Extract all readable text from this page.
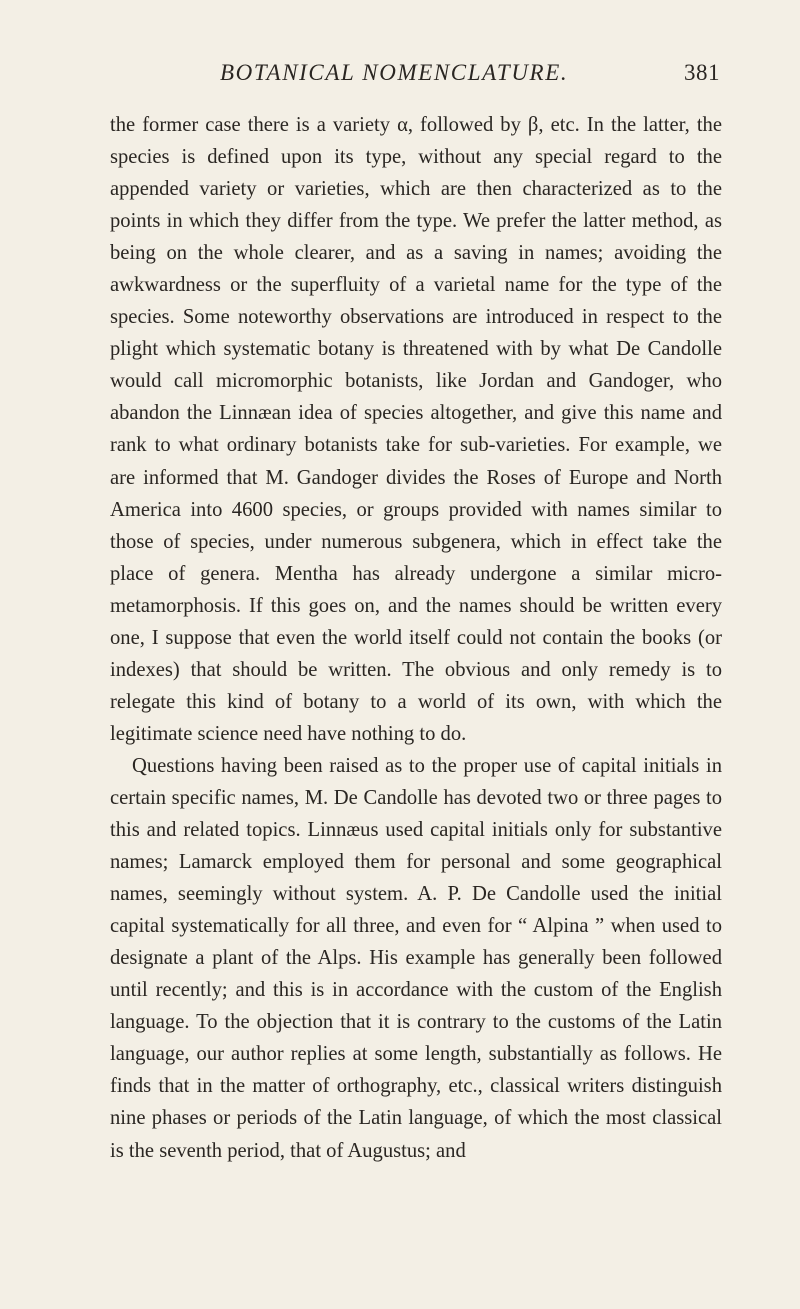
BOTANICAL NOMENCLATURE.	381

the former case there is a variety α, followed by β, etc. In the latter, the species is defined upon its type, without any special regard to the appended variety or varieties, which are then characterized as to the points in which they differ from the type. We prefer the latter method, as being on the whole clearer, and as a saving in names; avoiding the awkwardness or the superfluity of a varietal name for the type of the species. Some noteworthy observations are introduced in respect to the plight which systematic botany is threatened with by what De Candolle would call micromorphic botanists, like Jordan and Gandoger, who abandon the Linnæan idea of species altogether, and give this name and rank to what ordinary botanists take for sub-varieties. For example, we are informed that M. Gandoger divides the Roses of Europe and North America into 4600 species, or groups provided with names similar to those of species, under numerous subgenera, which in effect take the place of genera. Mentha has already undergone a similar micro-metamorphosis. If this goes on, and the names should be written every one, I suppose that even the world itself could not contain the books (or indexes) that should be written. The obvious and only remedy is to relegate this kind of botany to a world of its own, with which the legitimate science need have nothing to do.

Questions having been raised as to the proper use of capital initials in certain specific names, M. De Candolle has devoted two or three pages to this and related topics. Linnæus used capital initials only for substantive names; Lamarck employed them for personal and some geographical names, seemingly without system. A. P. De Candolle used the initial capital systematically for all three, and even for “ Alpina ” when used to designate a plant of the Alps. His example has generally been followed until recently; and this is in accordance with the custom of the English language. To the objection that it is contrary to the customs of the Latin language, our author replies at some length, substantially as follows. He finds that in the matter of orthography, etc., classical writers distinguish nine phases or periods of the Latin language, of which the most classical is the seventh period, that of Augustus; and
